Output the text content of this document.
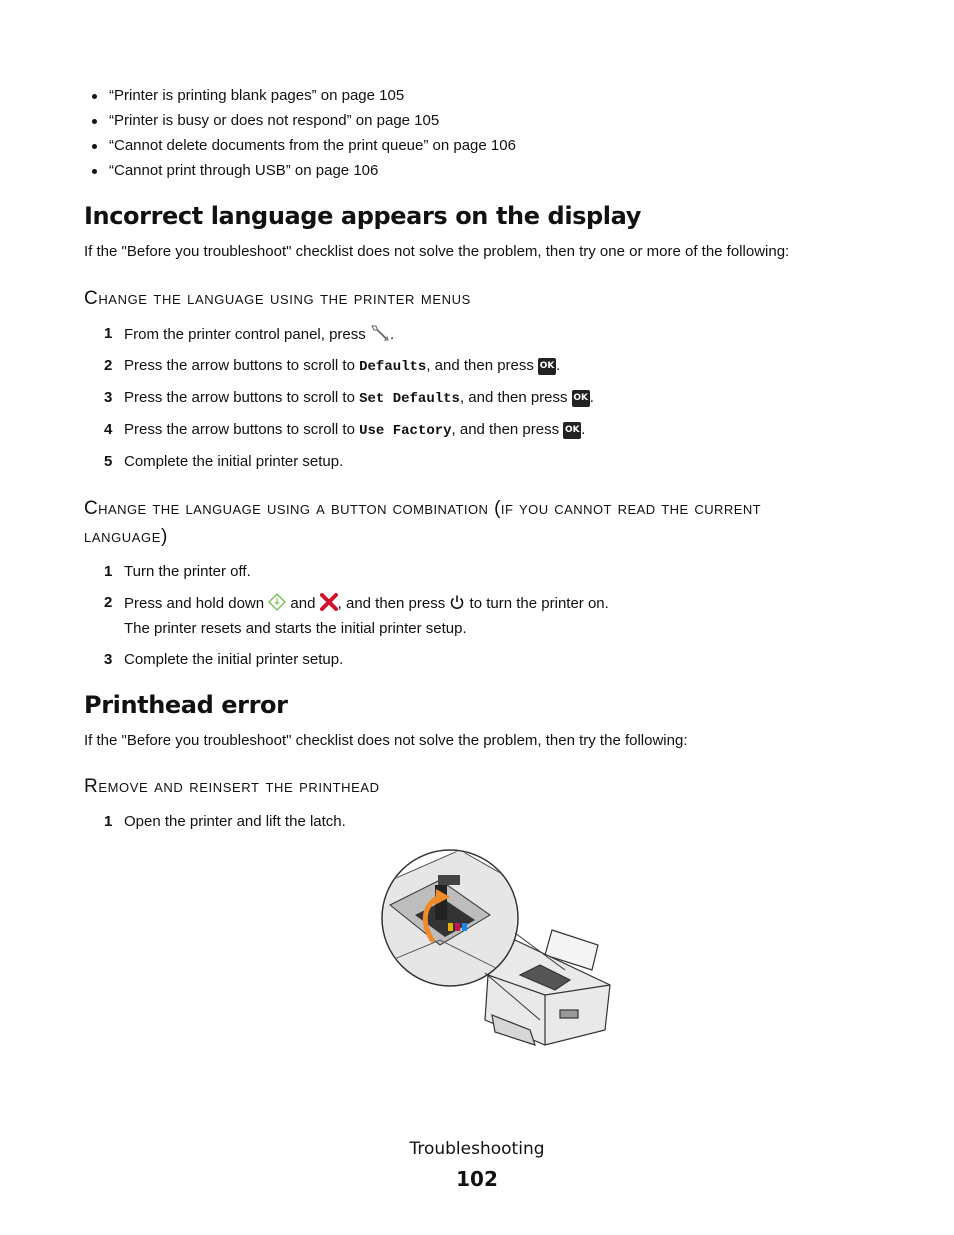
“Printer is printing blank pages” on page 105
“Printer is busy or does not respond” on page 105
“Cannot delete documents from the print queue” on page 106
“Cannot print through USB” on page 106
Incorrect language appears on the display
If the "Before you troubleshoot" checklist does not solve the problem, then try one or more of the following:
Change the language using the printer menus
1 From the printer control panel, press .
2 Press the arrow buttons to scroll to Defaults, and then press OK .
3 Press the arrow buttons to scroll to Set Defaults, and then press OK .
4 Press the arrow buttons to scroll to Use Factory, and then press OK .
5 Complete the initial printer setup.
Change the language using a button combination (if you cannot read the current
language)
1 Turn the printer off.
2 Press and hold down  and , and then press  to turn the printer on.
The printer resets and starts the initial printer setup.
3 Complete the initial printer setup.
Printhead error
If the "Before you troubleshoot" checklist does not solve the problem, then try the following:
Remove and reinsert the printhead
1 Open the printer and lift the latch.
Troubleshooting
102
